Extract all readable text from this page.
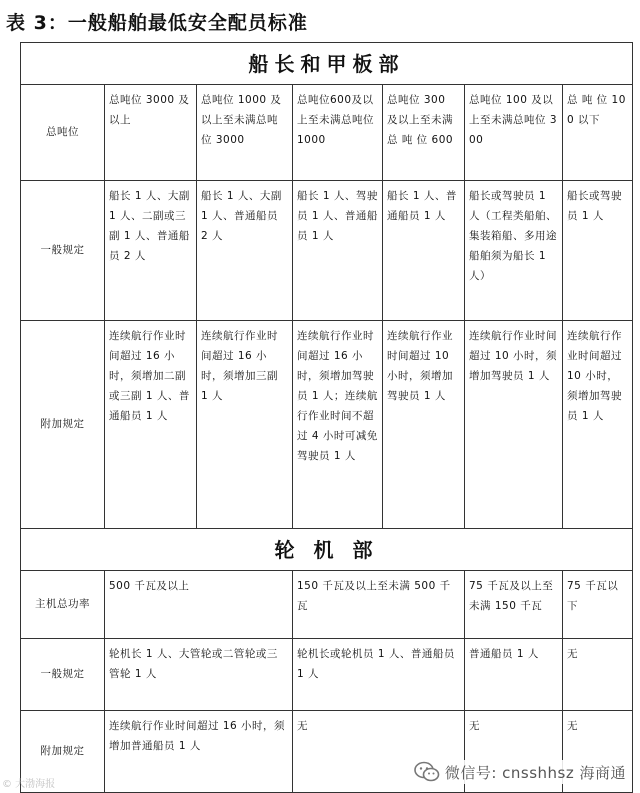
表 3：一般船舶最低安全配员标准
船长和甲板部						
总吨位	总吨位 3000 及以上	总吨位 1000 及以上至未满总吨位 3000	总吨位600及以上至未满总吨位 1000	总吨位 300 及以上至未满 总 吨 位 600	总吨位 100 及以上至未满总吨位 300	总 吨 位 100 以下
一般规定	船长 1 人、大副 1 人、二副或三副 1 人、普通船员 2 人	船长 1 人、大副 1 人、普通船员 2 人	船长 1 人、驾驶员 1 人、普通船员 1 人	船长 1 人、普通船员 1 人	船长或驾驶员 1 人（工程类船舶、集装箱船、多用途船舶须为船长 1 人）	船长或驾驶员 1 人
附加规定	连续航行作业时间超过 16 小时，须增加二副或三副 1 人、普通船员 1 人	连续航行作业时间超过 16 小时，须增加三副 1 人	连续航行作业时间超过 16 小时，须增加驾驶员 1 人；连续航行作业时间不超过 4 小时可减免驾驶员 1 人	连续航行作业时间超过 10 小时，须增加驾驶员 1 人	连续航行作业时间超过 10 小时，须增加驾驶员 1 人	连续航行作业时间超过 10 小时，须增加驾驶员 1 人
轮 机 部						
主机总功率	500 千瓦及以上		150 千瓦及以上至未满 500 千瓦		75 千瓦及以上至未满 150 千瓦	75 千瓦以下
一般规定	轮机长 1 人、大管轮或二管轮或三管轮 1 人		轮机长或轮机员 1 人、普通船员 1 人		普通船员 1 人	无
附加规定	连续航行作业时间超过 16 小时，须增加普通船员 1 人		无		无	无
© 大渤海报
微信号: cnsshhsz 海商通
